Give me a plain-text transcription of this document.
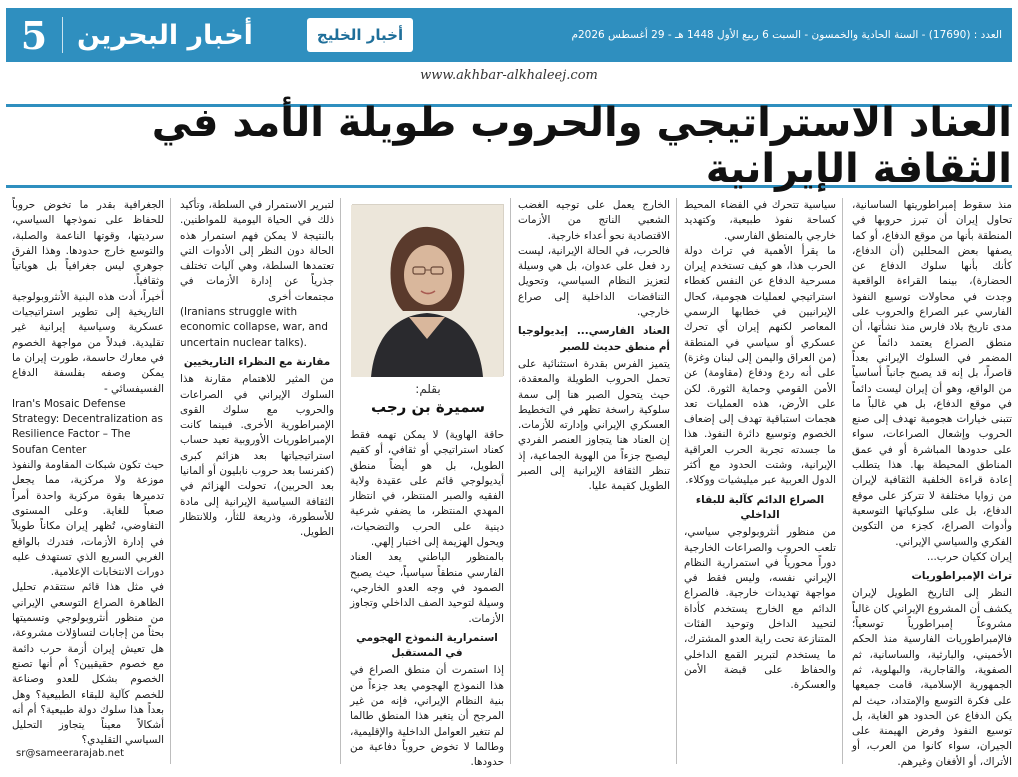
5	أخبار البحرين	أخبار الخليج	العدد : (17690) - السنة الحادية والخمسون - السبت 6 ربيع الأول 1448 هـ - 29 أغسطس 2026م
www.akhbar-alkhaleej.com
العناد الاستراتيجي والحروب طويلة الأمد في الثقافة الإيرانية

منذ سقوط إمبراطوريتها الساسانية، تحاول إيران أن تبرز حروبها في المنطقة بأنها من موقع الدفاع، أو كما يصفها بعض المحللين (أن الدفاع، كأنك بأنها سلوك الدفاع عن الحضارة)، بينما القراءة الواقعية وجدت في محاولات توسيع النفوذ الفارسي عبر الصراع والحروب على مدى تاريخ بلاد فارس منذ نشأتها، أن منطق الصراع يعتمد دائماً عن المضمر في السلوك الإيراني بعداً قاصراً، بل إنه قد يصبح جانباً أساسياً من الواقع، وهو أن إيران ليست دائماً في موقع الدفاع، بل هي غالباً ما تتبنى خيارات هجومية تهدف إلى صنع الحروب وإشعال الصراعات، سواء على حدودها المباشرة أو في عمق المناطق المحيطة بها. هذا يتطلب إعادة قراءة الخلفية الثقافية لإيران من زوايا مختلفة لا تتركز على موقع الدفاع، بل على سلوكياتها التوسعية وأدوات الصراع، كجزء من التكوين الفكري والسياسي الإيراني.

إيران ككيان حرب...

تراث الإمبراطوريات

النظر إلى التاريخ الطويل لإيران يكشف أن المشروع الإيراني كان غالباً مشروعاً إمبراطورياً توسعياً؛ فالإمبراطوريات الفارسية منذ الحكم الأخميني، والبارثية، والساسانية، ثم الصفوية، والقاجارية، والبهلوية، ثم الجمهورية الإسلامية، قامت جميعها على فكرة التوسع والإمتداد، حيث لم يكن الدفاع عن الحدود هو الغاية، بل توسيع النفوذ وفرض الهيمنة على الجيران، سواء كانوا من العرب، أو الأتراك، أو الأفغان وغيرهم.

سياسية تتحرك في الفضاء المحيط كساحة نفوذ طبيعية، وكتهديد خارجي بالمنطق الفارسي.

ما يقرأ الأهمية في تراث دولة الحرب هذا، هو كيف تستخدم إيران مسرحية الدفاع عن النفس كغطاء استراتيجي لعمليات هجومية، كحال الإيرانيين في خطابها الرسمي المعاصر لكنهم إيران أي تحرك عسكري أو سياسي في المنطقة (من العراق واليمن إلى لبنان وغزة) على أنه ردع ودفاع (مقاومة) عن الأمن القومي وحماية الثورة. لكن على الأرض، هذه العمليات تعد هجمات استباقية تهدف إلى إضعاف الخصوم وتوسيع دائرة النفوذ. هذا ما جسدته تجربة الحرب العراقية الإيرانية، وشتت الحدود مع أكثر الدول العربية عبر ميليشيات ووكلاء.

الصراع الدائم كآلية للبقاء الداخلي

من منظور أنثروبولوجي سياسي، تلعب الحروب والصراعات الخارجية دوراً محورياً في استمرارية النظام الإيراني نفسه، وليس فقط في مواجهة تهديدات خارجية. فالصراع الدائم مع الخارج يستخدم كأداة لتحييد الداخل وتوحيد الفئات المتنازعة تحت راية العدو المشترك، ما يستخدم لتبرير القمع الداخلي والحفاظ على قبضة الأمن والعسكرة.

الخارج يعمل على توجيه الغضب الشعبي الناتج من الأزمات الاقتصادية نحو أعداء خارجية.

فالحرب، في الحالة الإيرانية، ليست رد فعل على عدوان، بل هي وسيلة لتعزيز النظام السياسي، وتحويل التناقضات الداخلية إلى صراع خارجي.

العناد الفارسي... إيديولوجيا أم منطق حديث للصبر

يتميز الفرس بقدرة استثنائية على تحمل الحروب الطويلة والمعقدة، حيث يتحول الصبر هنا إلى سمة سلوكية راسخة تظهر في التخطيط العسكري الإيراني وإدارته للأزمات. إن العناد هنا يتجاوز العنصر الفردي ليصبح جزءاً من الهوية الجماعية، إذ تنظر الثقافة الإيرانية إلى الصبر الطويل كقيمة عليا.

بقلم:
سميرة بن رجب

حاقة الهاوية) لا يمكن تهمه فقط كعناد استراتيجي أو ثقافي، أو كقيم الطويل، بل هو أيضاً منطق أيديولوجي قائم على عقيدة ولاية الفقيه والصبر المنتظر، في انتظار المهدي المنتظر، ما يضفي شرعية دينية على الحرب والتضحيات، ويحول الهزيمة إلى اختبار إلهي.

بالمنظور الباطني يعد العناد الفارسي منطقاً سياسياً، حيث يصبح الصمود في وجه العدو الخارجي، وسيلة لتوحيد الصف الداخلي وتجاوز الأزمات.

استمرارية النموذج الهجومي في المستقبل

إذا استمرت أن منطق الصراع في هذا النموذج الهجومي يعد جزءاً من بنية النظام الإيراني، فإنه من غير المرجح أن يتغير هذا المنطق طالما لم تتغير العوامل الداخلية والإقليمية، وطالما لا تخوض حروباً دفاعية من حدودها.

لتبرير الاستمرار في السلطة، وتأكيد ذلك في الحياة اليومية للمواطنين. بالنتيجة لا يمكن فهم استمرار هذه الحالة دون النظر إلى الأدوات التي تعتمدها السلطة، وهي آليات تختلف جذرياً عن إدارة الأزمات في مجتمعات أخرى

(Iranians struggle with economic collapse, war, and uncertain nuclear talks).

مقارنة مع النظراء التاريخيين

من المثير للاهتمام مقارنة هذا السلوك الإيراني في الصراعات والحروب مع سلوك القوى الإمبراطورية الأخرى. فبينما كانت الإمبراطوريات الأوروبية تعيد حساب استراتيجياتها بعد هزائم كبرى (كفرنسا بعد حروب نابليون أو ألمانيا بعد الحربين)، تحولت الهزائم في الثقافة السياسية الإيرانية إلى مادة للأسطورة، وذريعة للثأر، وللانتظار الطويل.

الجغرافية بقدر ما تخوض حروباً للحفاظ على نموذجها السياسي، سرديتها، وقوتها الناعمة والصلبة، والتوسع خارج حدودها. وهذا الفرق جوهري ليس جغرافياً بل هوياتياً وثقافياً.

أخيراً، أدت هذه البنية الأنثروبولوجية التاريخية إلى تطوير استراتيجيات عسكرية وسياسية إيرانية غير تقليدية. فبدلاً من مواجهة الخصوم في معارك حاسمة، طورت إيران ما يمكن وصفه بفلسفة الدفاع الفسيفسائي -

Iran's Mosaic Defense Strategy: Decentralization as Resilience Factor – The Soufan Center

حيث تكون شبكات المقاومة والنفوذ موزعة ولا مركزية، مما يجعل تدميرها بقوة مركزية واحدة أمراً صعباً للغاية. وعلى المستوى التفاوضي، تُظهر إيران مكاناً طويلاً في إدارة الأزمات، فتدرك بالواقع الغربي السريع الذي تستهدف عليه دورات الانتخابات الإعلامية.

في مثل هذا قائم ستتقدم تحليل الظاهرة الصراع التوسعي الإيراني من منظور أنثروبولوجي وتسميتها بحثاً من إجابات لتساؤلات مشروعة، هل تعيش إيران أزمة حرب دائمة مع خصوم حقيقيين؟ أم أنها تصنع الخصوم بشكل للعدو وصناعة للخصم كآلية للبقاء الطبيعية؟ وهل بعداً هذا سلوك دولة طبيعية؟ أم أنه أشكالاً معيناً يتجاوز التحليل السياسي التقليدي؟

sr@sameerarajab.net
